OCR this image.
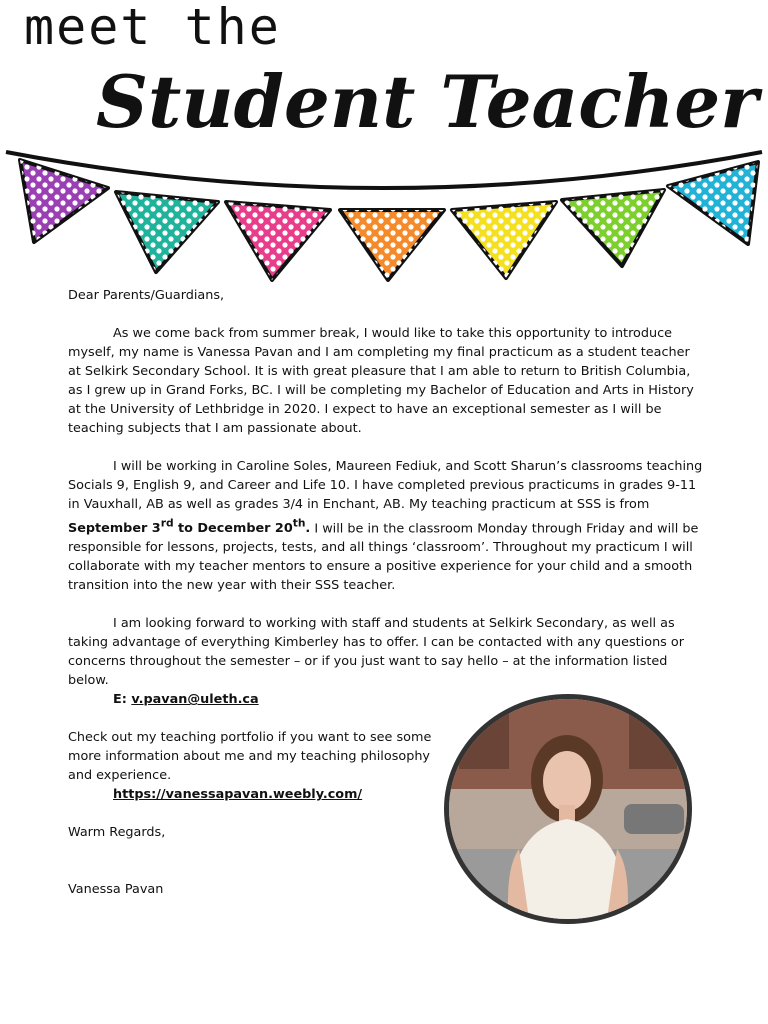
meet the
Student Teacher

Dear Parents/Guardians,

As we come back from summer break, I would like to take this opportunity to introduce myself, my name is Vanessa Pavan and I am completing my final practicum as a student teacher at Selkirk Secondary School. It is with great pleasure that I am able to return to British Columbia, as I grew up in Grand Forks, BC. I will be completing my Bachelor of Education and Arts in History at the University of Lethbridge in 2020. I expect to have an exceptional semester as I will be teaching subjects that I am passionate about.

I will be working in Caroline Soles, Maureen Fediuk, and Scott Sharun’s classrooms teaching Socials 9, English 9, and Career and Life 10. I have completed previous practicums in grades 9-11 in Vauxhall, AB as well as grades 3/4 in Enchant, AB. My teaching practicum at SSS is from September 3rd to December 20th. I will be in the classroom Monday through Friday and will be responsible for lessons, projects, tests, and all things ‘classroom’. Throughout my practicum I will collaborate with my teacher mentors to ensure a positive experience for your child and a smooth transition into the new year with their SSS teacher.

I am looking forward to working with staff and students at Selkirk Secondary, as well as taking advantage of everything Kimberley has to offer. I can be contacted with any questions or concerns throughout the semester – or if you just want to say hello – at the information listed below.

E: v.pavan@uleth.ca

Check out my teaching portfolio if you want to see some more information about me and my teaching philosophy and experience.

https://vanessapavan.weebly.com/

Warm Regards,

Vanessa Pavan
